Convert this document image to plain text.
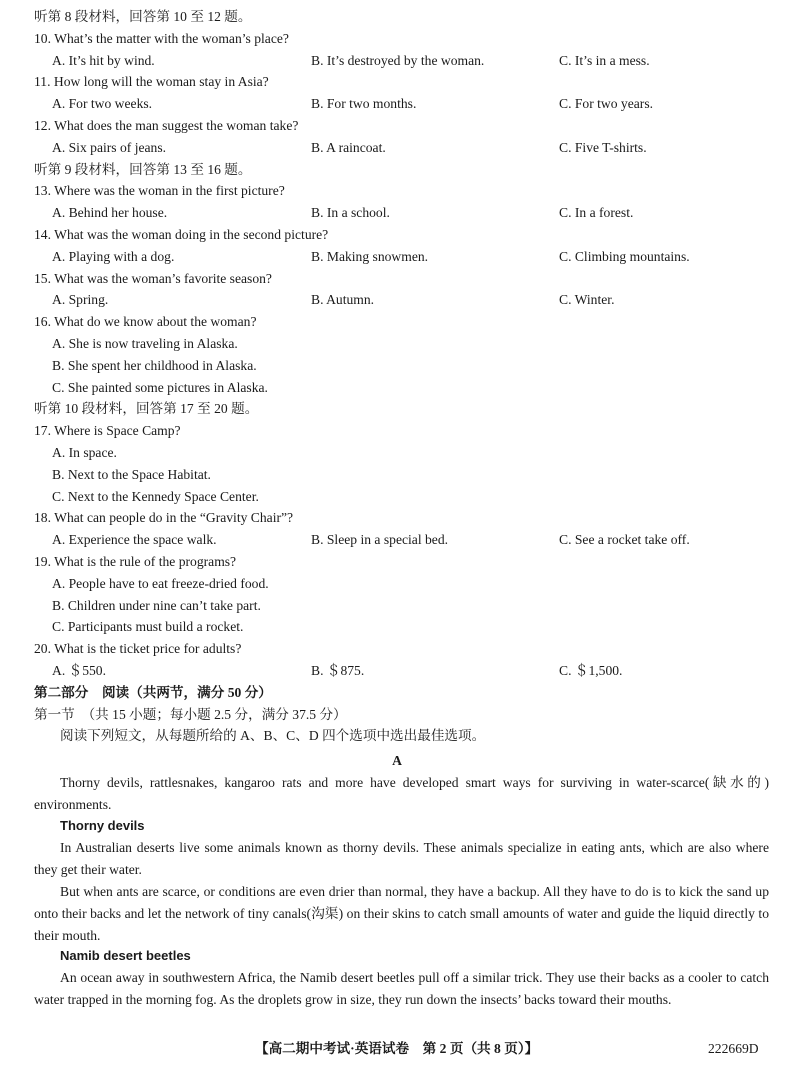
听第 8 段材料，回答第 10 至 12 题。
10. What’s the matter with the woman’s place?
A. It’s hit by wind.	B. It’s destroyed by the woman.	C. It’s in a mess.
11. How long will the woman stay in Asia?
A. For two weeks.	B. For two months.	C. For two years.
12. What does the man suggest the woman take?
A. Six pairs of jeans.	B. A raincoat.	C. Five T-shirts.
听第 9 段材料，回答第 13 至 16 题。
13. Where was the woman in the first picture?
A. Behind her house.	B. In a school.	C. In a forest.
14. What was the woman doing in the second picture?
A. Playing with a dog.	B. Making snowmen.	C. Climbing mountains.
15. What was the woman’s favorite season?
A. Spring.	B. Autumn.	C. Winter.
16. What do we know about the woman?
A. She is now traveling in Alaska.
B. She spent her childhood in Alaska.
C. She painted some pictures in Alaska.
听第 10 段材料，回答第 17 至 20 题。
17. Where is Space Camp?
A. In space.
B. Next to the Space Habitat.
C. Next to the Kennedy Space Center.
18. What can people do in the “Gravity Chair”?
A. Experience the space walk.	B. Sleep in a special bed.	C. See a rocket take off.
19. What is the rule of the programs?
A. People have to eat freeze-dried food.
B. Children under nine can’t take part.
C. Participants must build a rocket.
20. What is the ticket price for adults?
A. ＄550.	B. ＄875.	C. ＄1,500.
第二部分　阅读（共两节，满分 50 分）
第一节　（共 15 小题；每小题 2.5 分，满分 37.5 分）
阅读下列短文，从每题所给的 A、B、C、D 四个选项中选出最佳选项。
A
Thorny devils, rattlesnakes, kangaroo rats and more have developed smart ways for surviving in water-scarce(缺水的) environments.
Thorny devils
In Australian deserts live some animals known as thorny devils. These animals specialize in eating ants, which are also where they get their water.
But when ants are scarce, or conditions are even drier than normal, they have a backup. All they have to do is to kick the sand up onto their backs and let the network of tiny canals(沟渠) on their skins to catch small amounts of water and guide the liquid directly to their mouth.
Namib desert beetles
An ocean away in southwestern Africa, the Namib desert beetles pull off a similar trick. They use their backs as a cooler to catch water trapped in the morning fog. As the droplets grow in size, they run down the insects’ backs toward their mouths.
【高二期中考试·英语试卷　第 2 页（共 8 页）】	222669D
